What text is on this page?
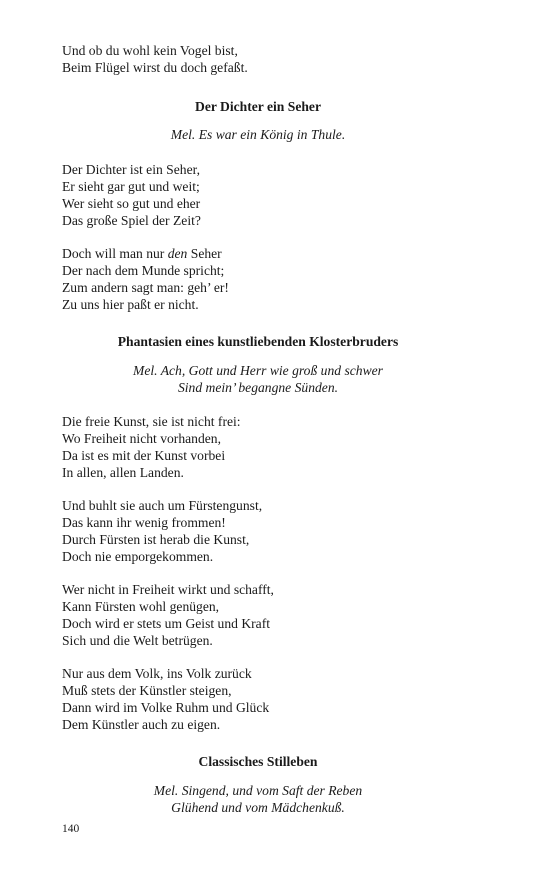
Und ob du wohl kein Vogel bist,
Beim Flügel wirst du doch gefaßt.
Der Dichter ein Seher
Mel. Es war ein König in Thule.
Der Dichter ist ein Seher,
Er sieht gar gut und weit;
Wer sieht so gut und eher
Das große Spiel der Zeit?
Doch will man nur den Seher
Der nach dem Munde spricht;
Zum andern sagt man: geh’ er!
Zu uns hier paßt er nicht.
Phantasien eines kunstliebenden Klosterbruders
Mel. Ach, Gott und Herr wie groß und schwer
Sind mein’ begangne Sünden.
Die freie Kunst, sie ist nicht frei:
Wo Freiheit nicht vorhanden,
Da ist es mit der Kunst vorbei
In allen, allen Landen.
Und buhlt sie auch um Fürstengunst,
Das kann ihr wenig frommen!
Durch Fürsten ist herab die Kunst,
Doch nie emporgekommen.
Wer nicht in Freiheit wirkt und schafft,
Kann Fürsten wohl genügen,
Doch wird er stets um Geist und Kraft
Sich und die Welt betrügen.
Nur aus dem Volk, ins Volk zurück
Muß stets der Künstler steigen,
Dann wird im Volke Ruhm und Glück
Dem Künstler auch zu eigen.
Classisches Stilleben
Mel. Singend, und vom Saft der Reben
Glühend und vom Mädchenkuß.
140
